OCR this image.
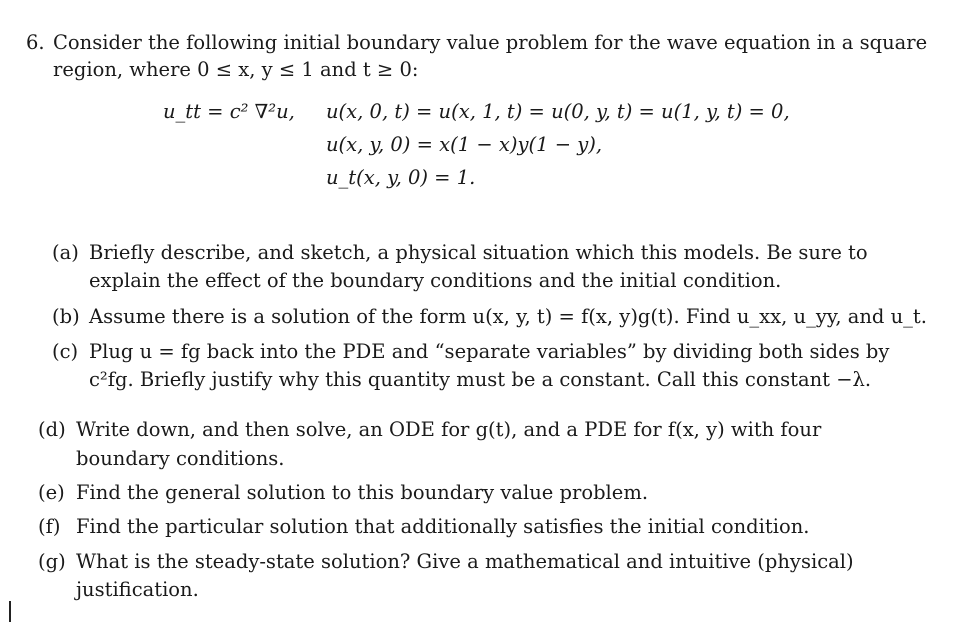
6. Consider the following initial boundary value problem for the wave equation in a square
region, where 0 ≤ x, y ≤ 1 and t ≥ 0:
u_tt = c² ∇²u, u(x, 0, t) = u(x, 1, t) = u(0, y, t) = u(1, y, t) = 0,
u(x, y, 0) = x(1 − x)y(1 − y),
u_t(x, y, 0) = 1.
(a) Briefly describe, and sketch, a physical situation which this models. Be sure to
explain the effect of the boundary conditions and the initial condition.
(b) Assume there is a solution of the form u(x, y, t) = f(x, y)g(t). Find u_xx, u_yy, and u_t.
(c) Plug u = fg back into the PDE and “separate variables” by dividing both sides by
c²fg. Briefly justify why this quantity must be a constant. Call this constant −λ.
(d) Write down, and then solve, an ODE for g(t), and a PDE for f(x, y) with four
boundary conditions.
(e) Find the general solution to this boundary value problem.
(f) Find the particular solution that additionally satisfies the initial condition.
(g) What is the steady-state solution? Give a mathematical and intuitive (physical)
justification.
